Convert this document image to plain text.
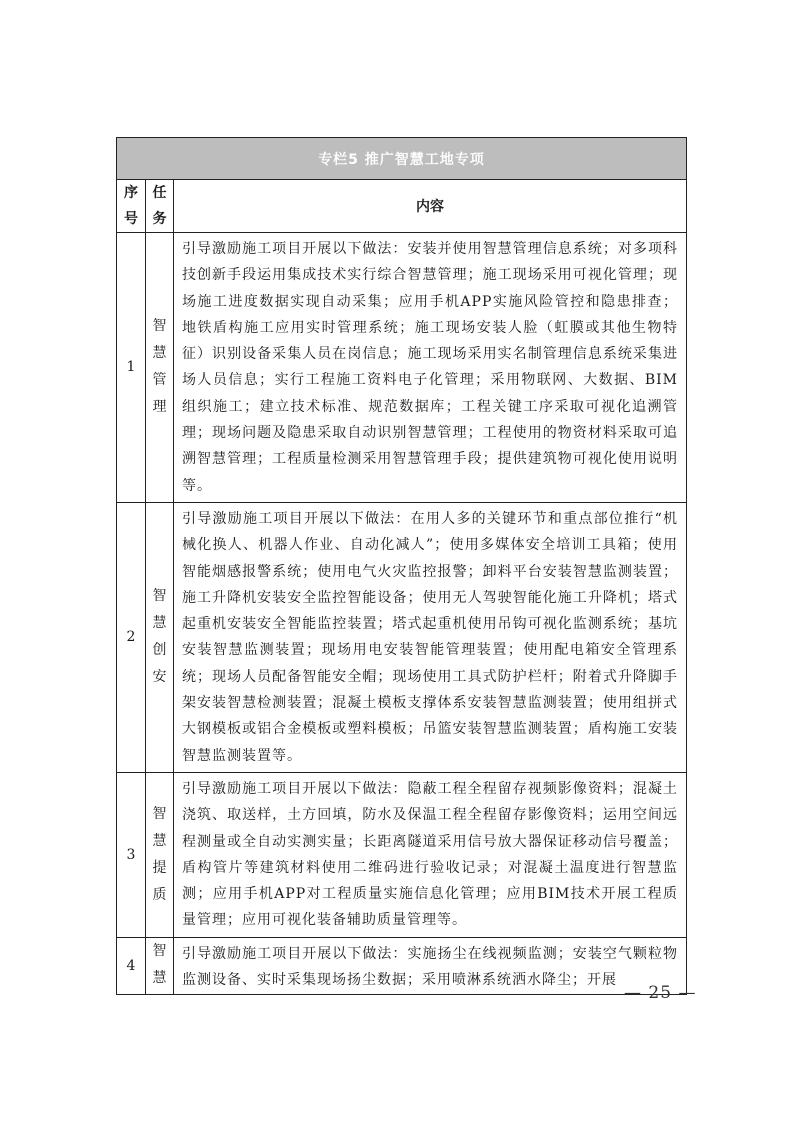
专栏5 推广智慧工地专项		

序号	任务	内容
1	智慧管理	引导激励施工项目开展以下做法：安装并使用智慧管理信息系统；对多项科技创新手段运用集成技术实行综合智慧管理；施工现场采用可视化管理；现场施工进度数据实现自动采集；应用手机APP实施风险管控和隐患排查；地铁盾构施工应用实时管理系统；施工现场安装人脸（虹膜或其他生物特征）识别设备采集人员在岗信息；施工现场采用实名制管理信息系统采集进场人员信息；实行工程施工资料电子化管理；采用物联网、大数据、BIM组织施工；建立技术标准、规范数据库；工程关键工序采取可视化追溯管理；现场问题及隐患采取自动识别智慧管理；工程使用的物资材料采取可追溯智慧管理；工程质量检测采用智慧管理手段；提供建筑物可视化使用说明等。
2	智慧创安	引导激励施工项目开展以下做法：在用人多的关键环节和重点部位推行“机械化换人、机器人作业、自动化减人”；使用多媒体安全培训工具箱；使用智能烟感报警系统；使用电气火灾监控报警；卸料平台安装智慧监测装置；施工升降机安装安全监控智能设备；使用无人驾驶智能化施工升降机；塔式起重机安装安全智能监控装置；塔式起重机使用吊钩可视化监测系统；基坑安装智慧监测装置；现场用电安装智能管理装置；使用配电箱安全管理系统；现场人员配备智能安全帽；现场使用工具式防护栏杆；附着式升降脚手架安装智慧检测装置；混凝土模板支撑体系安装智慧监测装置；使用组拼式大钢模板或铝合金模板或塑料模板；吊篮安装智慧监测装置；盾构施工安装智慧监测装置等。
3	智慧提质	引导激励施工项目开展以下做法：隐蔽工程全程留存视频影像资料；混凝土浇筑、取送样，土方回填，防水及保温工程全程留存影像资料；运用空间远程测量或全自动实测实量；长距离隧道采用信号放大器保证移动信号覆盖；盾构管片等建筑材料使用二维码进行验收记录；对混凝土温度进行智慧监测；应用手机APP对工程质量实施信息化管理；应用BIM技术开展工程质量管理；应用可视化装备辅助质量管理等。
4	智慧	引导激励施工项目开展以下做法：实施扬尘在线视频监测；安装空气颗粒物监测设备、实时采集现场扬尘数据；采用喷淋系统洒水降尘；开展
— 25 —
